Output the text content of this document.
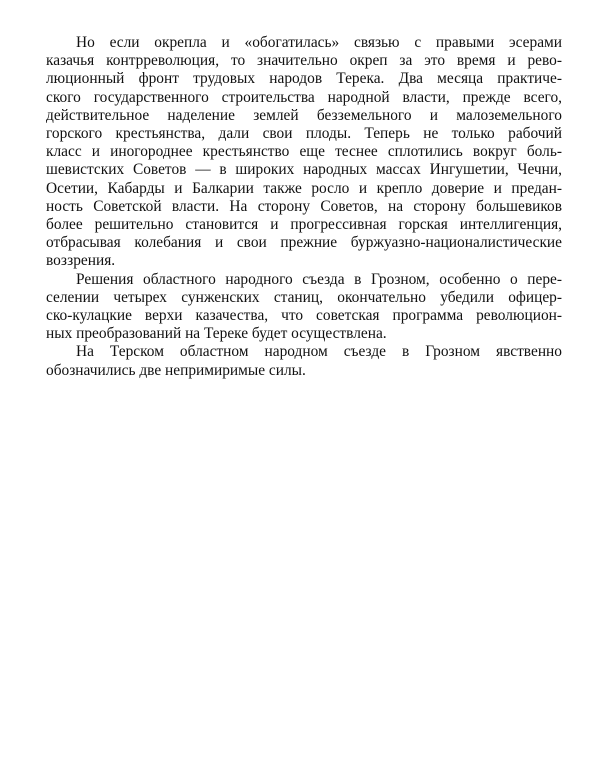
Но если окрепла и «обогатилась» связью с правыми эсерами
казачья контрреволюция, то значительно окреп за это время и рево-
люционный фронт трудовых народов Терека. Два месяца практиче-
ского государственного строительства народной власти, прежде всего,
действительное наделение землей безземельного и малоземельного
горского крестьянства, дали свои плоды. Теперь не только рабочий
класс и иногороднее крестьянство еще теснее сплотились вокруг боль-
шевистских Советов — в широких народных массах Ингушетии, Чечни,
Осетии, Кабарды и Балкарии также росло и крепло доверие и предан-
ность Советской власти. На сторону Советов, на сторону большевиков
более решительно становится и прогрессивная горская интеллигенция,
отбрасывая колебания и свои прежние буржуазно-националистические
воззрения.
Решения областного народного съезда в Грозном, особенно о пере-
селении четырех сунженских станиц, окончательно убедили офицер-
ско-кулацкие верхи казачества, что советская программа революцион-
ных преобразований на Тереке будет осуществлена.
На Терском областном народном съезде в Грозном явственно
обозначились две непримиримые силы.
